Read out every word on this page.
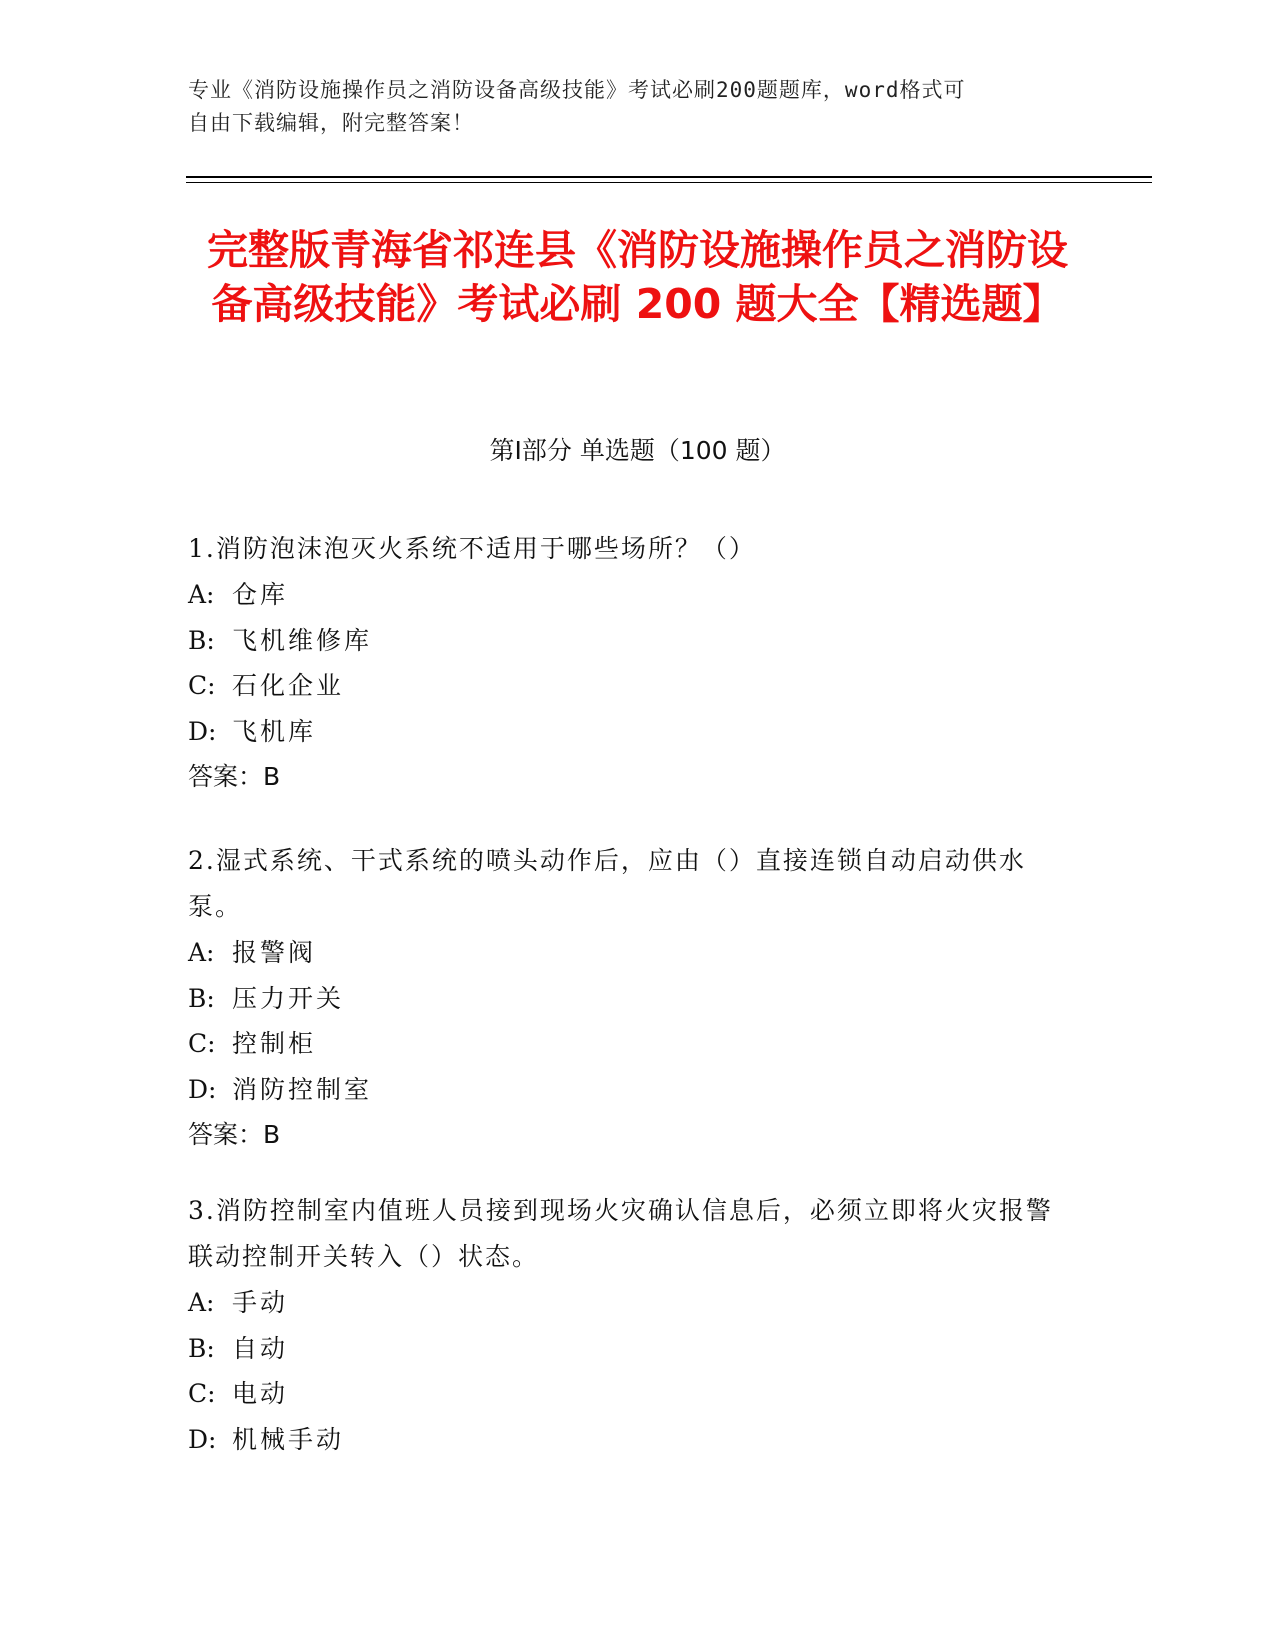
专业《消防设施操作员之消防设备高级技能》考试必刷200题题库，word格式可
自由下载编辑，附完整答案！
完整版青海省祁连县《消防设施操作员之消防设备高级技能》考试必刷 200 题大全【精选题】
第Ⅰ部分 单选题（100 题）

1.消防泡沫泡灭火系统不适用于哪些场所？（）

A: 仓库

B: 飞机维修库

C: 石化企业

D: 飞机库

答案：B

2.湿式系统、干式系统的喷头动作后，应由（）直接连锁自动启动供水泵。

A: 报警阀

B: 压力开关

C: 控制柜

D: 消防控制室

答案：B

3.消防控制室内值班人员接到现场火灾确认信息后，必须立即将火灾报警联动控制开关转入（）状态。

A: 手动

B: 自动

C: 电动

D: 机械手动
